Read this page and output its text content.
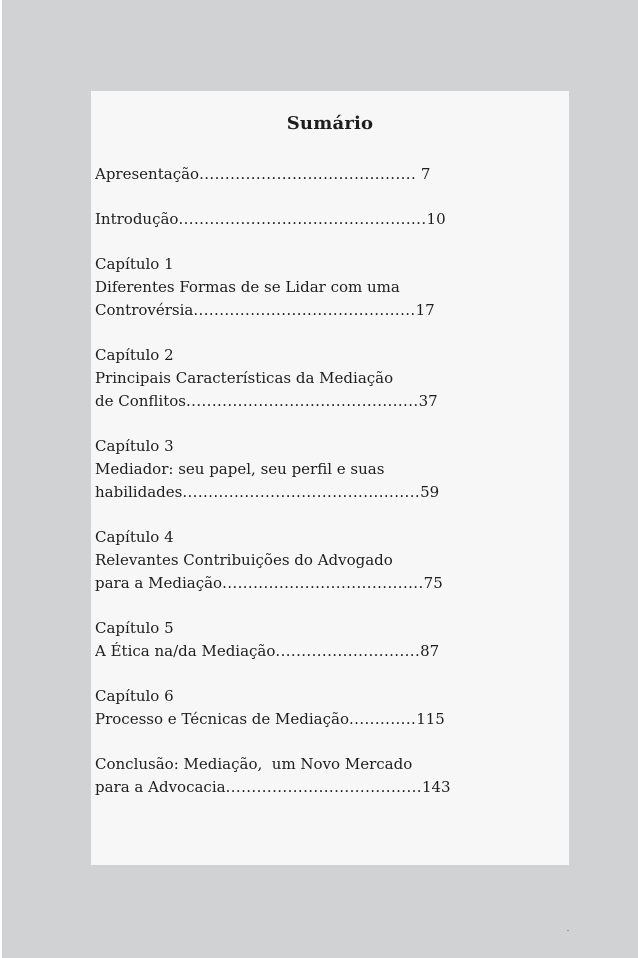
Sumário
Apresentação.......................................... 7
Introdução................................................10
Capítulo 1
Diferentes Formas de se Lidar com uma
Controvérsia...........................................17
Capítulo 2
Principais Características da Mediação
de Conflitos.............................................37
Capítulo 3
Mediador: seu papel, seu perfil e suas
habilidades..............................................59
Capítulo 4
Relevantes Contribuições do Advogado
para a Mediação.......................................75
Capítulo 5
A Ética na/da Mediação............................87
Capítulo 6
Processo e Técnicas de Mediação.............115
Conclusão: Mediação,  um Novo Mercado
para a Advocacia......................................143
